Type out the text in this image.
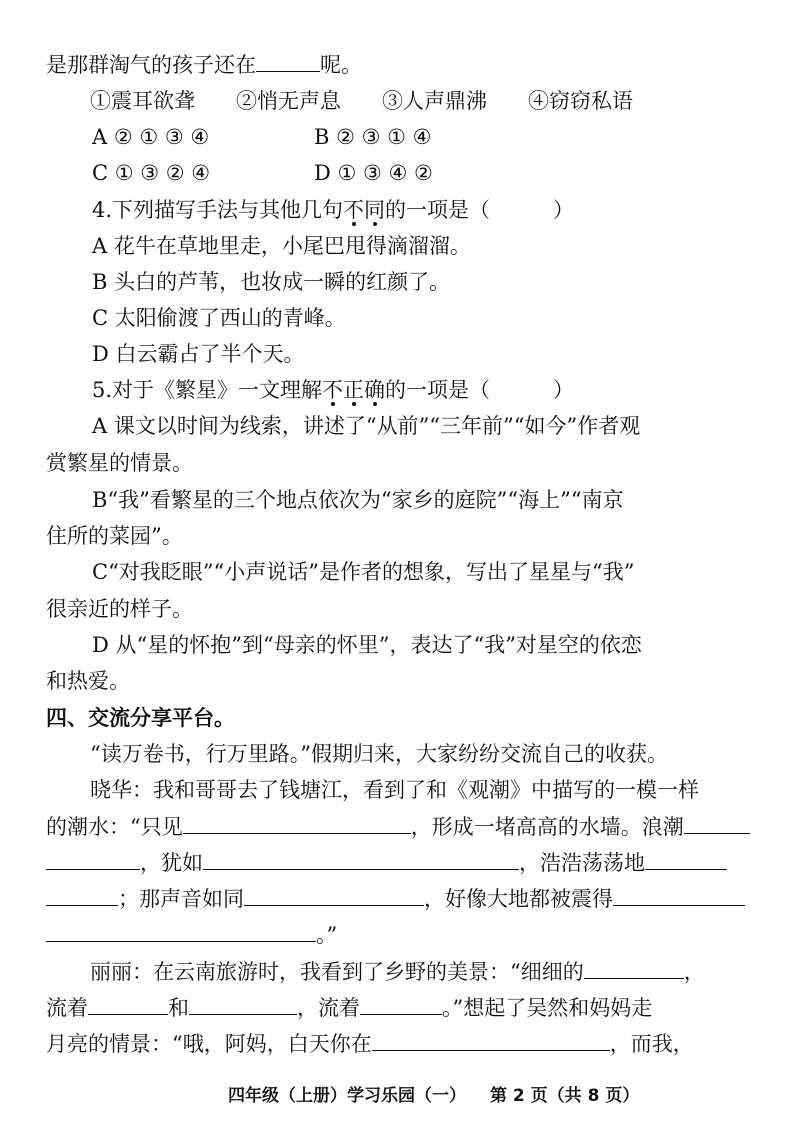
是那群淘气的孩子还在	呢。
①震耳欲聋 ②悄无声息 ③人声鼎沸 ④窃窃私语
A ② ① ③ ④	B ② ③ ① ④
C ① ③ ② ④	D ① ③ ④ ②
4.下列描写手法与其他几句不同的一项是（　　　）
A 花牛在草地里走，小尾巴甩得滴溜溜。
B 头白的芦苇，也妆成一瞬的红颜了。
C 太阳偷渡了西山的青峰。
D 白云霸占了半个天。
5.对于《繁星》一文理解不正确的一项是（　　　）
A 课文以时间为线索，讲述了“从前”“三年前”“如今”作者观
赏繁星的情景。
B“我”看繁星的三个地点依次为“家乡的庭院”“海上”“南京
住所的菜园”。
C“对我眨眼”“小声说话”是作者的想象，写出了星星与“我”
很亲近的样子。
D 从“星的怀抱”到“母亲的怀里”，表达了“我”对星空的依恋
和热爱。
四、交流分享平台。
“读万卷书，行万里路。”假期归来，大家纷纷交流自己的收获。
晓华：我和哥哥去了钱塘江，看到了和《观潮》中描写的一模一样
的潮水：“只见	，形成一堵高高的水墙。浪潮
，犹如	，浩浩荡荡地
；那声音如同	，好像大地都被震得
。”
丽丽：在云南旅游时，我看到了乡野的美景：“细细的	，
流着	和	，流着	。”想起了吴然和妈妈走
月亮的情景：“哦，阿妈，白天你在	，而我，
四年级（上册）学习乐园（一） 第 2 页（共 8 页）
